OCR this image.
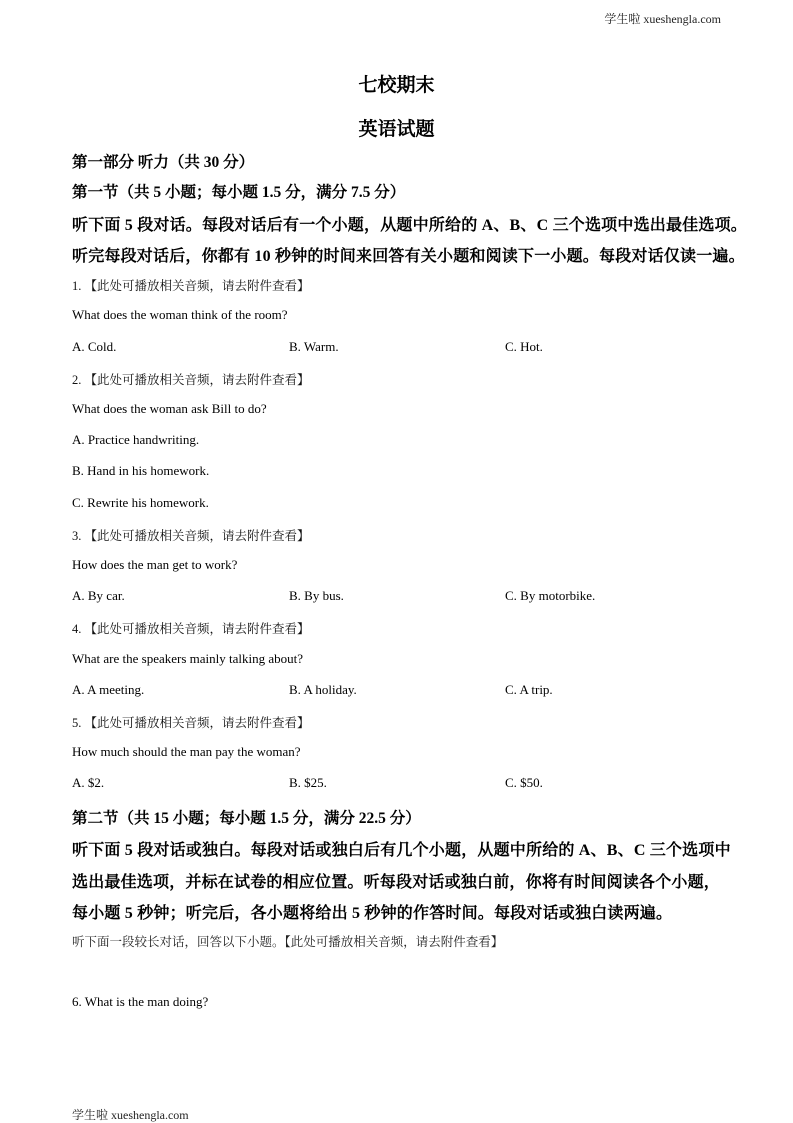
学生啦 xueshengla.com
七校期末
英语试题
第一部分 听力（共 30 分）
第一节（共 5 小题；每小题 1.5 分，满分 7.5 分）
听下面 5 段对话。每段对话后有一个小题，从题中所给的 A、B、C 三个选项中选出最佳选项。
听完每段对话后，你都有 10 秒钟的时间来回答有关小题和阅读下一小题。每段对话仅读一遍。
1. 【此处可播放相关音频，请去附件查看】
What does the woman think of the room?
A. Cold.	B. Warm.	C. Hot.
2. 【此处可播放相关音频，请去附件查看】
What does the woman ask Bill to do?
A. Practice handwriting.
B. Hand in his homework.
C. Rewrite his homework.
3. 【此处可播放相关音频，请去附件查看】
How does the man get to work?
A. By car.	B. By bus.	C. By motorbike.
4. 【此处可播放相关音频，请去附件查看】
What are the speakers mainly talking about?
A. A meeting.	B. A holiday.	C. A trip.
5. 【此处可播放相关音频，请去附件查看】
How much should the man pay the woman?
A. $2.	B. $25.	C. $50.
第二节（共 15 小题；每小题 1.5 分，满分 22.5 分）
听下面 5 段对话或独白。每段对话或独白后有几个小题，从题中所给的 A、B、C 三个选项中
选出最佳选项，并标在试卷的相应位置。听每段对话或独白前，你将有时间阅读各个小题，
每小题 5 秒钟；听完后，各小题将给出 5 秒钟的作答时间。每段对话或独白读两遍。
听下面一段较长对话，回答以下小题。【此处可播放相关音频，请去附件查看】
6. What is the man doing?
学生啦 xueshengla.com
